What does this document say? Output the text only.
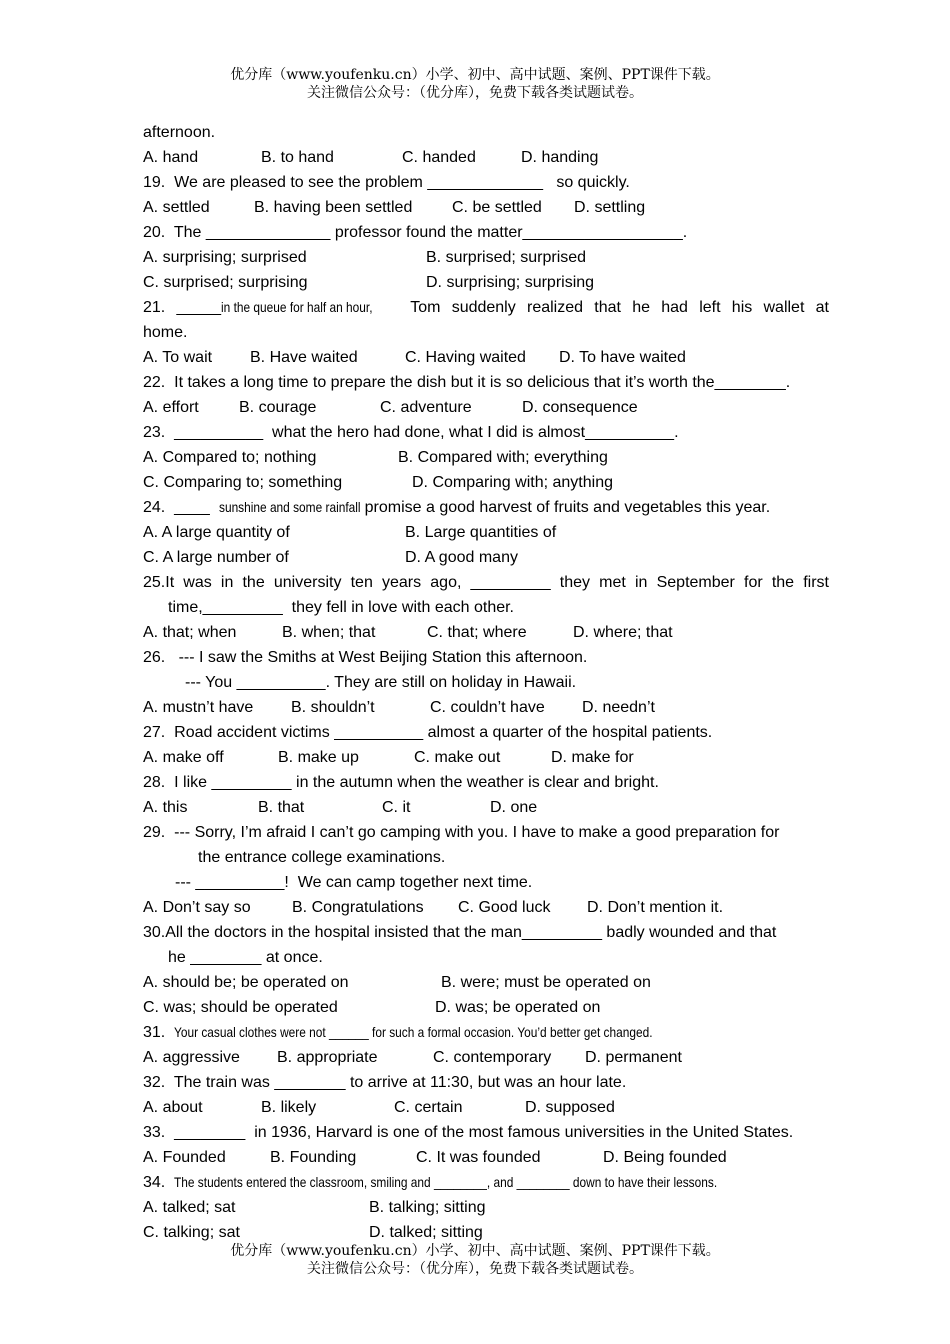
优分库（www.youfenku.cn）小学、初中、高中试题、案例、PPT课件下载。
关注微信公众号：（优分库），免费下载各类试题试卷。
afternoon.
A. hand	B. to hand	C. handed	D. handing
19.  We are pleased to see the problem _____________   so quickly.
A. settled	B. having been settled	C. be settled	D. settling
20.  The ______________ professor found the matter__________________.
A. surprising; surprised	B. surprised; surprised
C. surprised; surprising	D. surprising; surprising
21. _____in the queue for half an hour, Tom suddenly realized that he had left his wallet at
home.
A. To wait	B. Have waited	C. Having waited	D. To have waited
22.  It takes a long time to prepare the dish but it is so delicious that it’s worth the________.
A. effort	B. courage	C. adventure	D. consequence
23.  __________  what the hero had done, what I did is almost__________.
A. Compared to; nothing	B. Compared with; everything
C. Comparing to; something	D. Comparing with; anything
24.  ____  sunshine and some rainfall promise a good harvest of fruits and vegetables this year.
A. A large quantity of	B. Large quantities of
C. A large number of	D. A good many
25.It was in the university ten years ago, _________ they met in September for the first
time,_________  they fell in love with each other.
A. that; when	B. when; that	C. that; where	D. where; that
26.   --- I saw the Smiths at West Beijing Station this afternoon.
--- You __________. They are still on holiday in Hawaii.
A. mustn’t have	B. shouldn’t	C. couldn’t have	D. needn’t
27.  Road accident victims __________ almost a quarter of the hospital patients.
A. make off	B. make up	C. make out	D. make for
28.  I like _________ in the autumn when the weather is clear and bright.
A. this	B. that	C. it	D. one
29.  --- Sorry, I’m afraid I can’t go camping with you. I have to make a good preparation for
the entrance college examinations.
--- __________!  We can camp together next time.
A. Don’t say so	B. Congratulations	C. Good luck	D. Don’t mention it.
30.All the doctors in the hospital insisted that the man_________ badly wounded and that
he ________ at once.
A. should be; be operated on	B. were; must be operated on
C. was; should be operated	D. was; be operated on
31.  Your casual clothes were not ______ for such a formal occasion. You’d better get changed.
A. aggressive	B. appropriate	C. contemporary	D. permanent
32.  The train was ________ to arrive at 11:30, but was an hour late.
A. about	B. likely	C. certain	D. supposed
33.  ________  in 1936, Harvard is one of the most famous universities in the United States.
A. Founded	B. Founding	C. It was founded	D. Being founded
34.  The students entered the classroom, smiling and ________, and ________ down to have their lessons.
A. talked; sat	B. talking; sitting
C. talking; sat	D. talked; sitting
优分库（www.youfenku.cn）小学、初中、高中试题、案例、PPT课件下载。
关注微信公众号：（优分库），免费下载各类试题试卷。
